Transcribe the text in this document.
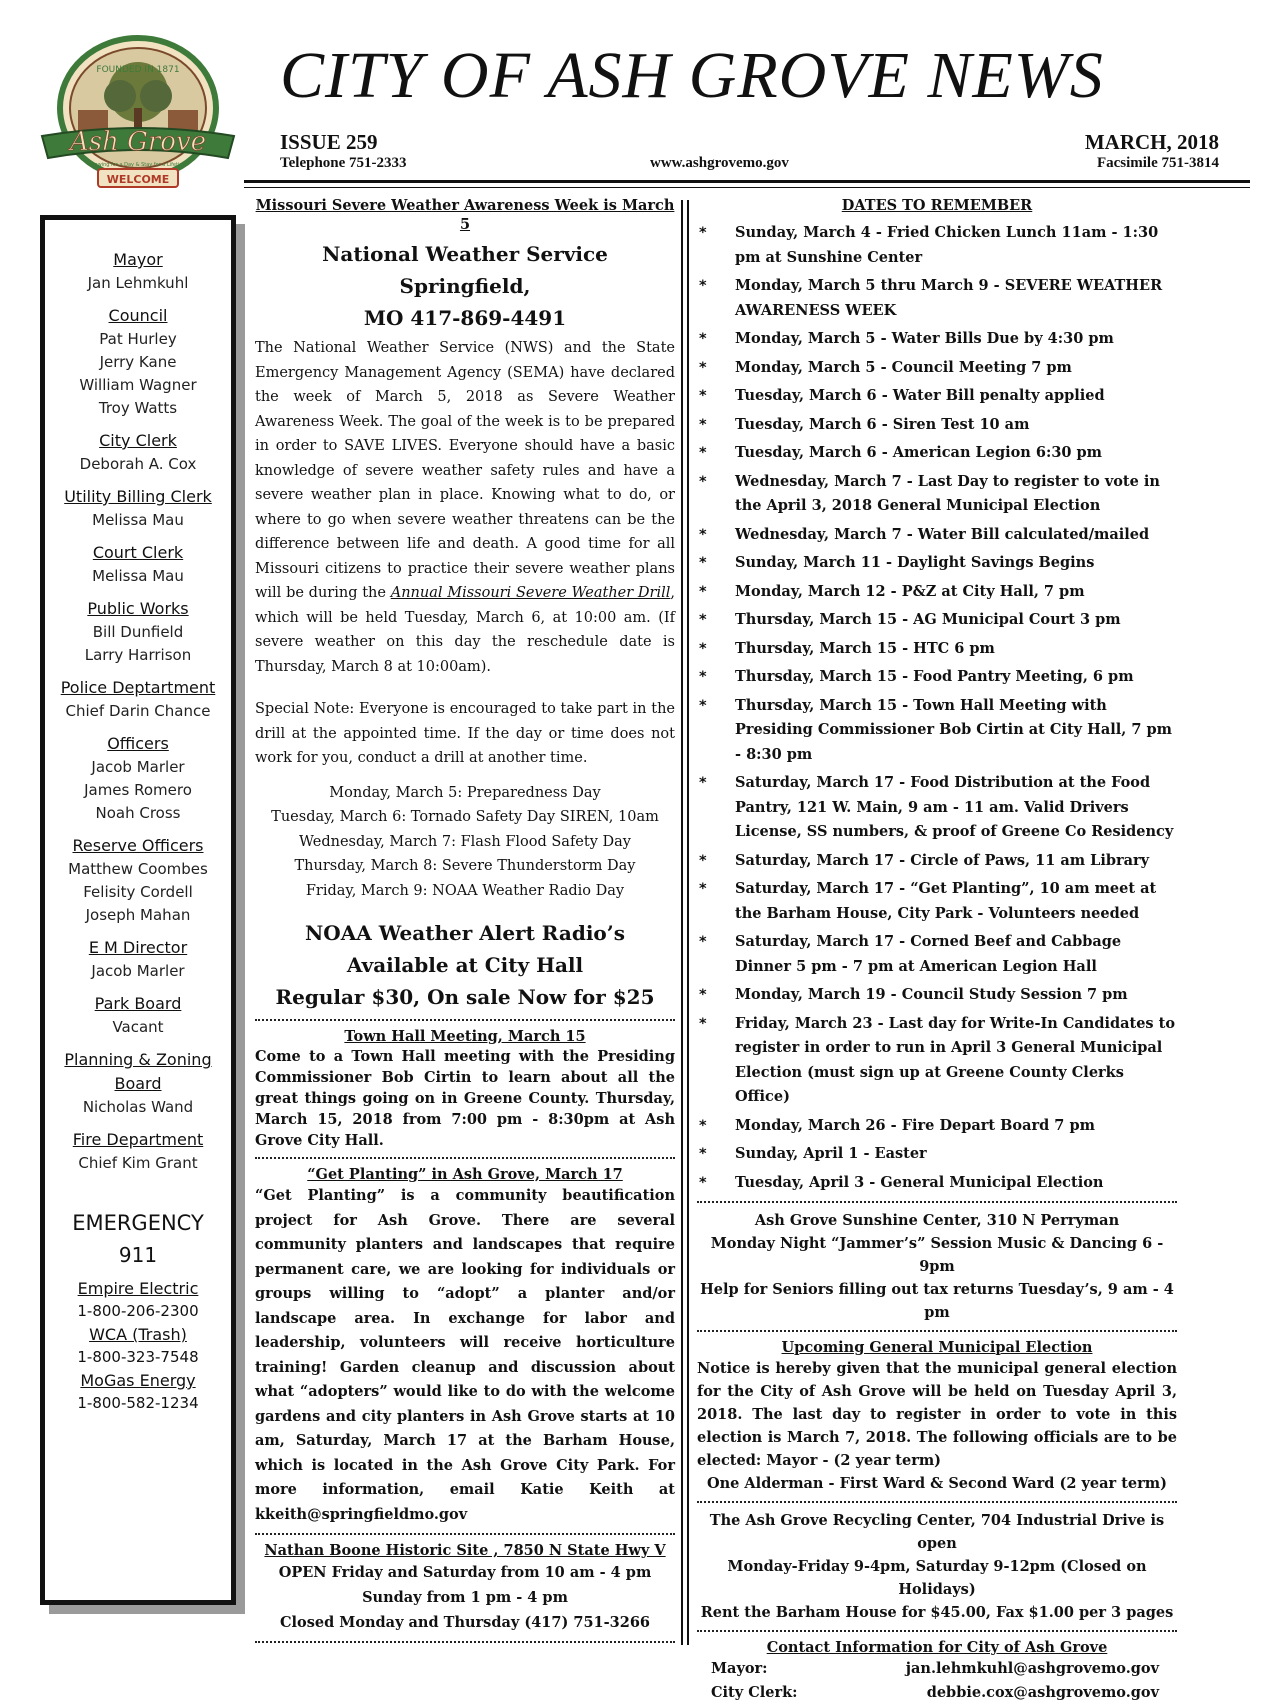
FOUNDED IN 1871
Ash Grove
Growing for a Day & Stay for a Lifetime
WELCOME
CITY OF ASH GROVE NEWS
ISSUE 259	MARCH, 2018
Telephone 751-2333	www.ashgrovemo.gov	Facsimile 751-3814
Mayor
Jan Lehmkuhl
Council
Pat Hurley
Jerry Kane
William Wagner
Troy Watts
City Clerk
Deborah A. Cox
Utility Billing Clerk
Melissa Mau
Court Clerk
Melissa Mau
Public Works
Bill Dunfield
Larry Harrison
Police Deptartment
Chief Darin Chance
Officers
Jacob Marler
James Romero
Noah Cross
Reserve Officers
Matthew Coombes
Felisity Cordell
Joseph Mahan
E M Director
Jacob Marler
Park Board
Vacant
Planning & Zoning Board
Nicholas Wand
Fire Department
Chief Kim Grant
EMERGENCY
911
Empire Electric
1-800-206-2300
WCA (Trash)
1-800-323-7548
MoGas Energy
1-800-582-1234
Missouri Severe Weather Awareness Week is March 5
National Weather Service Springfield,
MO 417-869-4491

The National Weather Service (NWS) and the State Emergency Management Agency (SEMA) have declared the week of March 5, 2018 as Severe Weather Awareness Week. The goal of the week is to be prepared in order to SAVE LIVES. Everyone should have a basic knowledge of severe weather safety rules and have a severe weather plan in place. Knowing what to do, or where to go when severe weather threatens can be the difference between life and death. A good time for all Missouri citizens to practice their severe weather plans will be during the Annual Missouri Severe Weather Drill, which will be held Tuesday, March 6, at 10:00 am. (If severe weather on this day the reschedule date is Thursday, March 8 at 10:00am).

Special Note: Everyone is encouraged to take part in the drill at the appointed time. If the day or time does not work for you, conduct a drill at another time.

Monday, March 5: Preparedness Day
Tuesday, March 6: Tornado Safety Day SIREN, 10am
Wednesday, March 7: Flash Flood Safety Day
Thursday, March 8: Severe Thunderstorm Day
Friday, March 9: NOAA Weather Radio Day
NOAA Weather Alert Radio’s
Available at City Hall
Regular $30, On sale Now for $25
Town Hall Meeting, March 15

Come to a Town Hall meeting with the Presiding Commissioner Bob Cirtin to learn about all the great things going on in Greene County. Thursday, March 15, 2018 from 7:00 pm - 8:30pm at Ash Grove City Hall.

“Get Planting” in Ash Grove, March 17

“Get Planting” is a community beautification project for Ash Grove. There are several community planters and landscapes that require permanent care, we are looking for individuals or groups willing to “adopt” a planter and/or landscape area. In exchange for labor and leadership, volunteers will receive horticulture training! Garden cleanup and discussion about what “adopters” would like to do with the welcome gardens and city planters in Ash Grove starts at 10 am, Saturday, March 17 at the Barham House, which is located in the Ash Grove City Park. For more information, email Katie Keith at kkeith@springfieldmo.gov

Nathan Boone Historic Site , 7850 N State Hwy V
OPEN Friday and Saturday from 10 am - 4 pm
Sunday from 1 pm - 4 pm
Closed Monday and Thursday (417) 751-3266
DATES TO REMEMBER
* Sunday, March 4 - Fried Chicken Lunch 11am - 1:30 pm at Sunshine Center
* Monday, March 5 thru March 9 - SEVERE WEATHER AWARENESS WEEK
* Monday, March 5 - Water Bills Due by 4:30 pm
* Monday, March 5 - Council Meeting 7 pm
* Tuesday, March 6 - Water Bill penalty applied
* Tuesday, March 6 - Siren Test 10 am
* Tuesday, March 6 - American Legion 6:30 pm
* Wednesday, March 7 - Last Day to register to vote in the April 3, 2018 General Municipal Election
* Wednesday, March 7 - Water Bill calculated/mailed
* Sunday, March 11 - Daylight Savings Begins
* Monday, March 12 - P&Z at City Hall, 7 pm
* Thursday, March 15 - AG Municipal Court 3 pm
* Thursday, March 15 - HTC 6 pm
* Thursday, March 15 - Food Pantry Meeting, 6 pm
* Thursday, March 15 - Town Hall Meeting with Presiding Commissioner Bob Cirtin at City Hall, 7 pm - 8:30 pm
* Saturday, March 17 - Food Distribution at the Food Pantry, 121 W. Main, 9 am - 11 am. Valid Drivers License, SS numbers, & proof of Greene Co Residency
* Saturday, March 17 - Circle of Paws, 11 am Library
* Saturday, March 17 - “Get Planting”, 10 am meet at the Barham House, City Park - Volunteers needed
* Saturday, March 17 - Corned Beef and Cabbage Dinner 5 pm - 7 pm at American Legion Hall
* Monday, March 19 - Council Study Session 7 pm
* Friday, March 23 - Last day for Write-In Candidates to register in order to run in April 3 General Municipal Election (must sign up at Greene County Clerks Office)
* Monday, March 26 - Fire Depart Board 7 pm
* Sunday, April 1 - Easter
* Tuesday, April 3 - General Municipal Election
Ash Grove Sunshine Center, 310 N Perryman
Monday Night “Jammer’s” Session Music & Dancing 6 - 9pm
Help for Seniors filling out tax returns Tuesday’s, 9 am - 4 pm
Upcoming General Municipal Election

Notice is hereby given that the municipal general election for the City of Ash Grove will be held on Tuesday April 3, 2018. The last day to register in order to vote in this election is March 7, 2018. The following officials are to be elected: Mayor - (2 year term)

One Alderman - First Ward & Second Ward (2 year term)
The Ash Grove Recycling Center, 704 Industrial Drive is open
Monday-Friday 9-4pm, Saturday 9-12pm (Closed on Holidays)
Rent the Barham House for $45.00, Fax $1.00 per 3 pages
Contact Information for City of Ash Grove
Mayor:	jan.lehmkuhl@ashgrovemo.gov
City Clerk:	debbie.cox@ashgrovemo.gov
